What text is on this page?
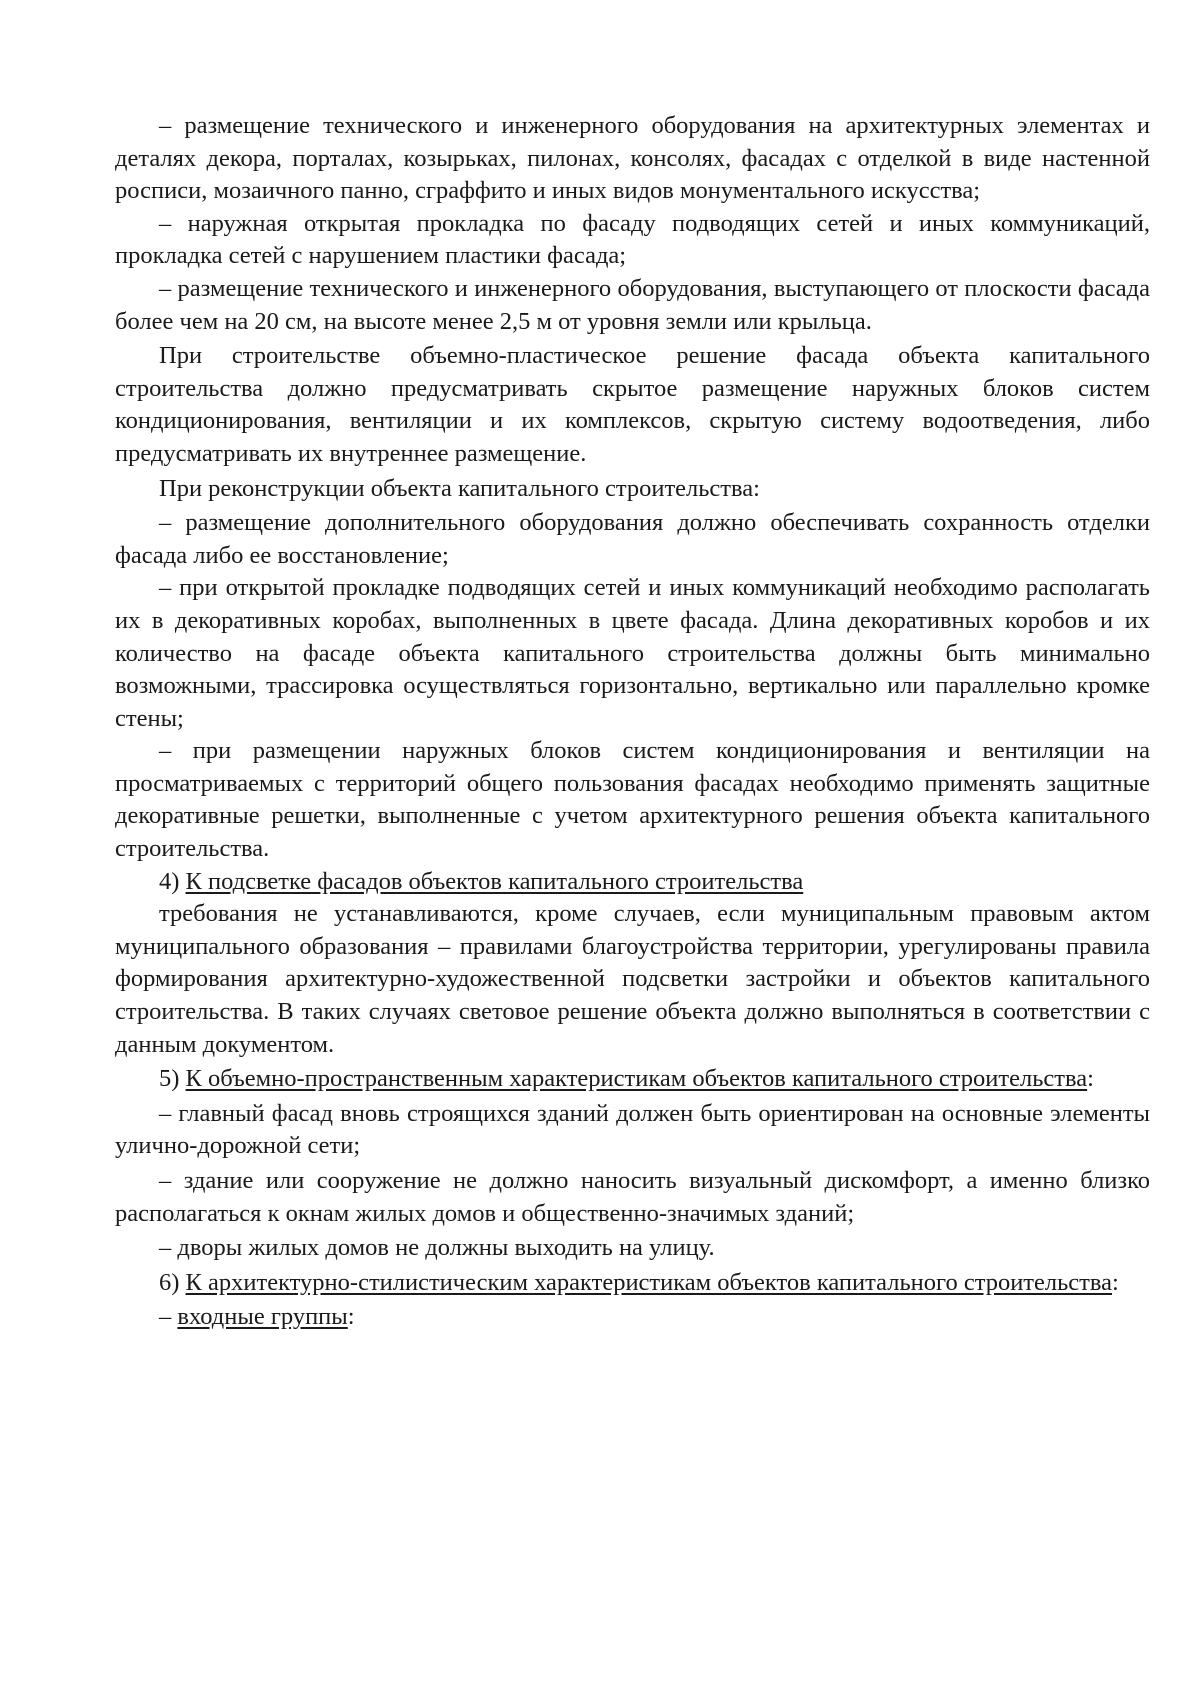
– размещение технического и инженерного оборудования на архитектурных элементах и деталях декора, порталах, козырьках, пилонах, консолях, фасадах с отделкой в виде настенной росписи, мозаичного панно, сграффито и иных видов монументального искусства;

– наружная открытая прокладка по фасаду подводящих сетей и иных коммуникаций, прокладка сетей с нарушением пластики фасада;

– размещение технического и инженерного оборудования, выступающего от плоскости фасада более чем на 20 см, на высоте менее 2,5 м от уровня земли или крыльца.

При строительстве объемно-пластическое решение фасада объекта капитального строительства должно предусматривать скрытое размещение наружных блоков систем кондиционирования, вентиляции и их комплексов, скрытую систему водоотведения, либо предусматривать их внутреннее размещение.

При реконструкции объекта капитального строительства:

– размещение дополнительного оборудования должно обеспечивать сохранность отделки фасада либо ее восстановление;

– при открытой прокладке подводящих сетей и иных коммуникаций необходимо располагать их в декоративных коробах, выполненных в цвете фасада. Длина декоративных коробов и их количество на фасаде объекта капитального строительства должны быть минимально возможными, трассировка осуществляться горизонтально, вертикально или параллельно кромке стены;

– при размещении наружных блоков систем кондиционирования и вентиляции на просматриваемых с территорий общего пользования фасадах необходимо применять защитные декоративные решетки, выполненные с учетом архитектурного решения объекта капитального строительства.

4) К подсветке фасадов объектов капитального строительства

требования не устанавливаются, кроме случаев, если муниципальным правовым актом муниципального образования – правилами благоустройства территории, урегулированы правила формирования архитектурно-художественной подсветки застройки и объектов капитального строительства. В таких случаях световое решение объекта должно выполняться в соответствии с данным документом.

5) К объемно-пространственным характеристикам объектов капитального строительства:

– главный фасад вновь строящихся зданий должен быть ориентирован на основные элементы улично-дорожной сети;

– здание или сооружение не должно наносить визуальный дискомфорт, а именно близко располагаться к окнам жилых домов и общественно-значимых зданий;

– дворы жилых домов не должны выходить на улицу.

6) К архитектурно-стилистическим характеристикам объектов капитального строительства:

– входные группы:
